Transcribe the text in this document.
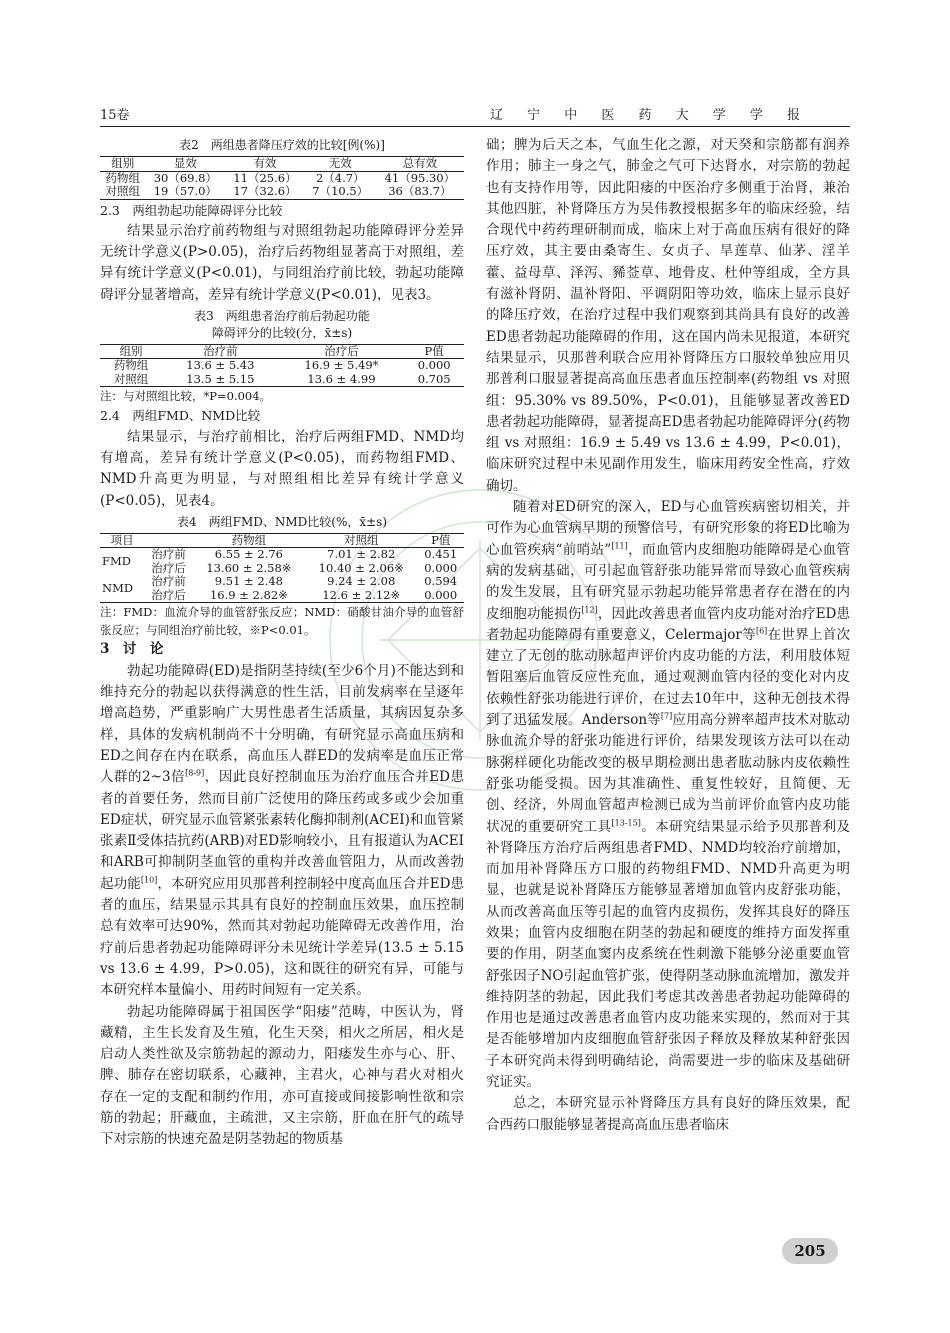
15卷	辽 宁 中 医 药 大 学 学 报
表2　两组患者降压疗效的比较[例(%)]
组别	显效	有效	无效	总有效
药物组	30（69.8）	11（25.6）	2（4.7）	41（95.30）
对照组	19（57.0）	17（32.6）	7（10.5）	36（83.7）

2.3　两组勃起功能障碍评分比较

结果显示治疗前药物组与对照组勃起功能障碍评分差异无统计学意义(P>0.05)，治疗后药物组显著高于对照组，差异有统计学意义(P<0.01)，与同组治疗前比较，勃起功能障碍评分显著增高，差异有统计学意义(P<0.01)，见表3。

表3　两组患者治疗前后勃起功能
障碍评分的比较(分，x̄±s)
组别	治疗前	治疗后	P值
药物组	13.6 ± 5.43	16.9 ± 5.49*	0.000
对照组	13.5 ± 5.15	13.6 ± 4.99	0.705

注：与对照组比较，*P=0.004。

2.4　两组FMD、NMD比较

结果显示，与治疗前相比，治疗后两组FMD、NMD均有增高，差异有统计学意义(P<0.05)，而药物组FMD、NMD升高更为明显，与对照组相比差异有统计学意义(P<0.05)，见表4。

表4　两组FMD、NMD比较(%，x̄±s)
项目		药物组	对照组	P值
FMD	治疗前	6.55 ± 2.76	7.01 ± 2.82	0.451
	治疗后	13.60 ± 2.58※	10.40 ± 2.06※	0.000
NMD	治疗前	9.51 ± 2.48	9.24 ± 2.08	0.594
	治疗后	16.9 ± 2.82※	12.6 ± 2.12※	0.000

注：FMD：血流介导的血管舒张反应；NMD：硝酸甘油介导的血管舒张反应；与同组治疗前比较，※P<0.01。

3　讨　论

勃起功能障碍(ED)是指阴茎持续(至少6个月)不能达到和维持充分的勃起以获得满意的性生活，目前发病率在呈逐年增高趋势，严重影响广大男性患者生活质量，其病因复杂多样，具体的发病机制尚不十分明确，有研究显示高血压病和ED之间存在内在联系，高血压人群ED的发病率是血压正常人群的2~3倍[8-9]，因此良好控制血压为治疗血压合并ED患者的首要任务，然而目前广泛使用的降压药或多或少会加重ED症状，研究显示血管紧张素转化酶抑制剂(ACEI)和血管紧张素Ⅱ受体拮抗药(ARB)对ED影响较小，且有报道认为ACEI和ARB可抑制阴茎血管的重构并改善血管阻力，从而改善勃起功能[10]，本研究应用贝那普利控制轻中度高血压合并ED患者的血压，结果显示其具有良好的控制血压效果，血压控制总有效率可达90%，然而其对勃起功能障碍无改善作用，治疗前后患者勃起功能障碍评分未见统计学差异(13.5 ± 5.15 vs 13.6 ± 4.99，P>0.05)，这和既往的研究有异，可能与本研究样本量偏小、用药时间短有一定关系。

勃起功能障碍属于祖国医学“阳痿”范畴，中医认为，肾藏精，主生长发育及生殖，化生天癸，相火之所居，相火是启动人类性欲及宗筋勃起的源动力，阳痿发生亦与心、肝、脾、肺存在密切联系，心藏神，主君火，心神与君火对相火存在一定的支配和制约作用，亦可直接或间接影响性欲和宗筋的勃起；肝藏血，主疏泄，又主宗筋，肝血在肝气的疏导下对宗筋的快速充盈是阴茎勃起的物质基

础；脾为后天之本，气血生化之源，对天癸和宗筋都有润养作用；肺主一身之气，肺金之气可下达肾水，对宗筋的勃起也有支持作用等，因此阳痿的中医治疗多侧重于治肾，兼治其他四脏，补肾降压方为吴伟教授根据多年的临床经验，结合现代中药药理研制而成，临床上对于高血压病有很好的降压疗效，其主要由桑寄生、女贞子、旱莲草、仙茅、淫羊藿、益母草、泽泻、豨莶草、地骨皮、杜仲等组成，全方具有滋补肾阴、温补肾阳、平调阴阳等功效，临床上显示良好的降压疗效，在治疗过程中我们观察到其尚具有良好的改善ED患者勃起功能障碍的作用，这在国内尚未见报道，本研究结果显示，贝那普利联合应用补肾降压方口服较单独应用贝那普利口服显著提高高血压患者血压控制率(药物组 vs 对照组：95.30% vs 89.50%，P<0.01)，且能够显著改善ED患者勃起功能障碍，显著提高ED患者勃起功能障碍评分(药物组 vs 对照组：16.9 ± 5.49 vs 13.6 ± 4.99，P<0.01)，临床研究过程中未见副作用发生，临床用药安全性高，疗效确切。

随着对ED研究的深入，ED与心血管疾病密切相关，并可作为心血管病早期的预警信号，有研究形象的将ED比喻为心血管疾病“前哨站”[11]，而血管内皮细胞功能障碍是心血管病的发病基础，可引起血管舒张功能异常而导致心血管疾病的发生发展，且有研究显示勃起功能异常患者存在潜在的内皮细胞功能损伤[12]，因此改善患者血管内皮功能对治疗ED患者勃起功能障碍有重要意义，Celermajor等[6]在世界上首次建立了无创的肱动脉超声评价内皮功能的方法，利用肢体短暂阻塞后血管反应性充血，通过观测血管内径的变化对内皮依赖性舒张功能进行评价，在过去10年中，这种无创技术得到了迅猛发展。Anderson等[7]应用高分辨率超声技术对肱动脉血流介导的舒张功能进行评价，结果发现该方法可以在动脉粥样硬化功能改变的极早期检测出患者肱动脉内皮依赖性舒张功能受损。因为其准确性、重复性较好，且简便、无创、经济，外周血管超声检测已成为当前评价血管内皮功能状况的重要研究工具[13-15]。本研究结果显示给予贝那普利及补肾降压方治疗后两组患者FMD、NMD均较治疗前增加，而加用补肾降压方口服的药物组FMD、NMD升高更为明显，也就是说补肾降压方能够显著增加血管内皮舒张功能，从而改善高血压等引起的血管内皮损伤，发挥其良好的降压效果；血管内皮细胞在阴茎的勃起和硬度的维持方面发挥重要的作用，阴茎血窦内皮系统在性刺激下能够分泌重要血管舒张因子NO引起血管扩张，使得阴茎动脉血流增加，激发并维持阴茎的勃起，因此我们考虑其改善患者勃起功能障碍的作用也是通过改善患者血管内皮功能来实现的，然而对于其是否能够增加内皮细胞血管舒张因子释放及释放某种舒张因子本研究尚未得到明确结论，尚需要进一步的临床及基础研究证实。

总之，本研究显示补肾降压方具有良好的降压效果，配合西药口服能够显著提高高血压患者临床

205
